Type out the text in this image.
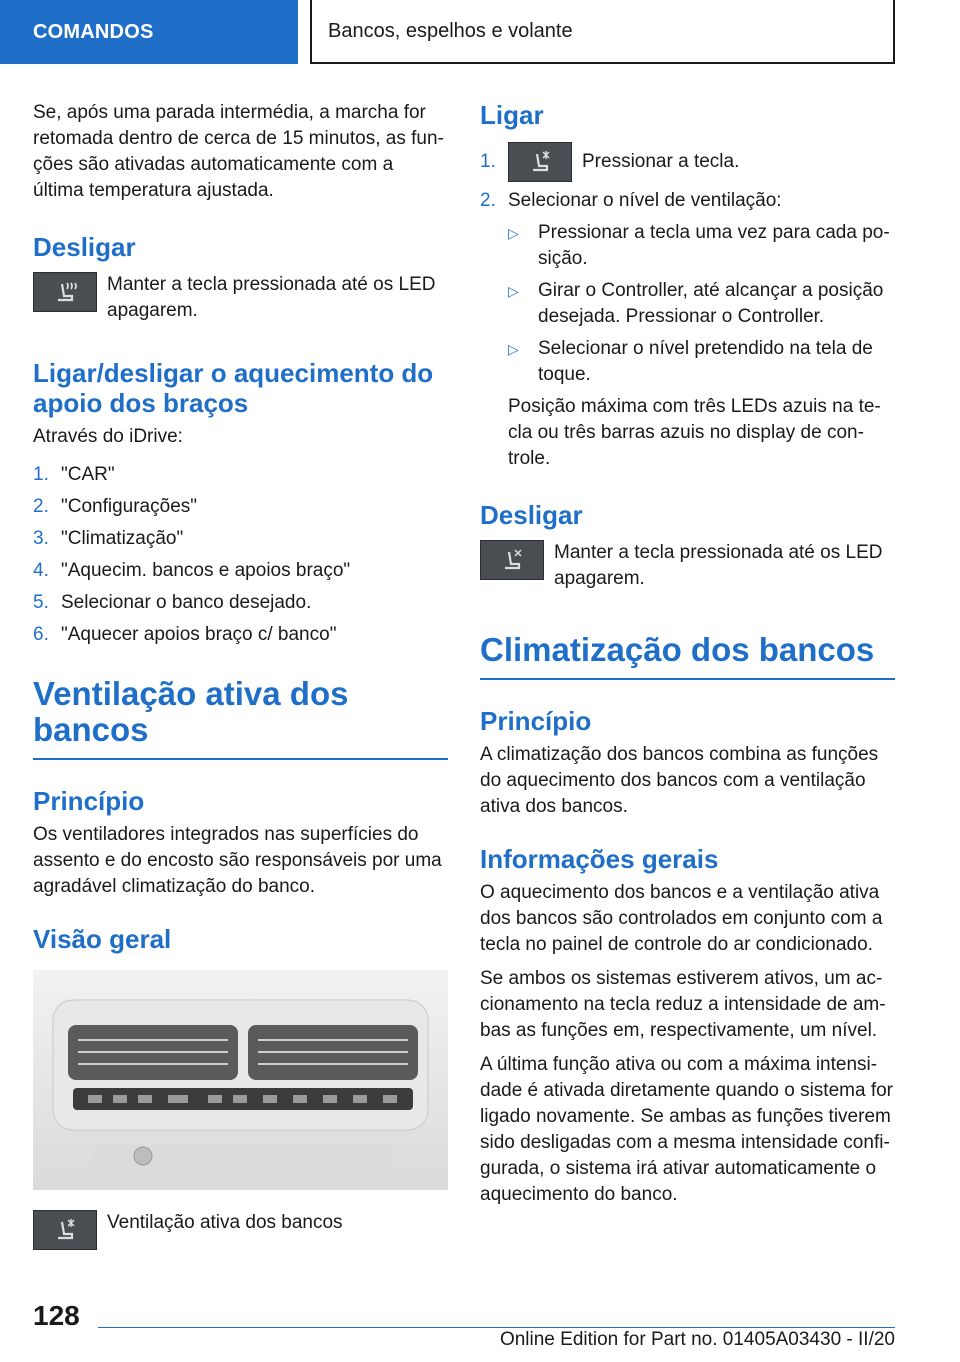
COMANDOS	Bancos, espelhos e volante

Se, após uma parada intermédia, a marcha for retomada dentro de cerca de 15 minutos, as fun-ções são ativadas automaticamente com a última temperatura ajustada.

Desligar

Manter a tecla pressionada até os LED apagarem.

Ligar/desligar o aquecimento do apoio dos braços

Através do iDrive:

1. "CAR"
2. "Configurações"
3. "Climatização"
4. "Aquecim. bancos e apoios braço"
5. Selecionar o banco desejado.
6. "Aquecer apoios braço c/ banco"
Ventilação ativa dos bancos
Princípio

Os ventiladores integrados nas superfícies do assento e do encosto são responsáveis por uma agradável climatização do banco.

Visão geral

Ventilação ativa dos bancos

Ligar
1.	Pressionar a tecla.
2. Selecionar o nível de ventilação:
▷	Pressionar a tecla uma vez para cada po-sição.
▷	Girar o Controller, até alcançar a posição desejada. Pressionar o Controller.
▷	Selecionar o nível pretendido na tela de toque.

Posição máxima com três LEDs azuis na te-cla ou três barras azuis no display de con-trole.

Desligar

Manter a tecla pressionada até os LED apagarem.

Climatização dos bancos
Princípio

A climatização dos bancos combina as funções do aquecimento dos bancos com a ventilação ativa dos bancos.

Informações gerais

O aquecimento dos bancos e a ventilação ativa dos bancos são controlados em conjunto com a tecla no painel de controle do ar condicionado.

Se ambos os sistemas estiverem ativos, um ac-cionamento na tecla reduz a intensidade de am-bas as funções em, respectivamente, um nível.

A última função ativa ou com a máxima intensi-dade é ativada diretamente quando o sistema for ligado novamente. Se ambas as funções tiverem sido desligadas com a mesma intensidade confi-gurada, o sistema irá ativar automaticamente o aquecimento do banco.

128
Online Edition for Part no. 01405A03430 - II/20
